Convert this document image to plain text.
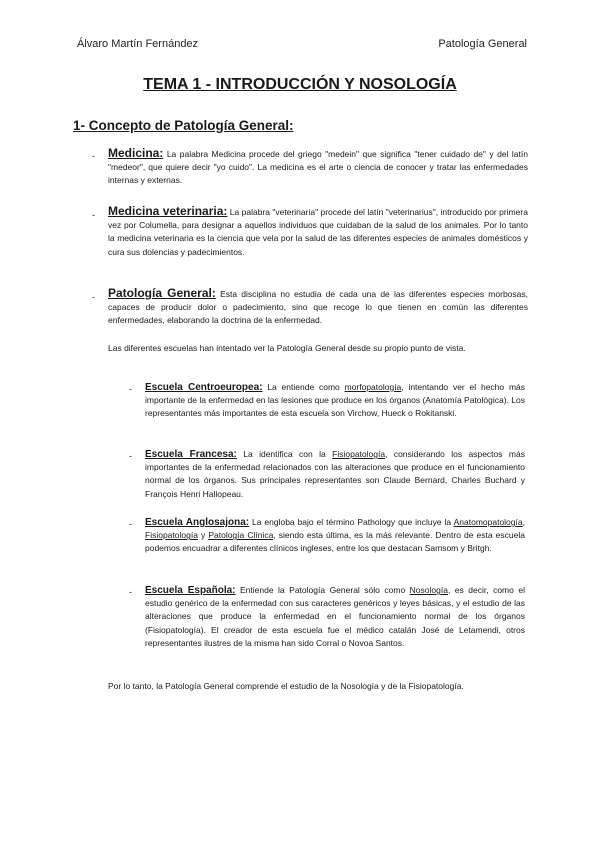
Álvaro Martín Fernández	Patología General
TEMA 1 - INTRODUCCIÓN Y NOSOLOGÍA
1- Concepto de Patología General:
- Medicina: La palabra Medicina procede del griego "medein" que significa "tener cuidado de" y del latín "medeor", que quiere decir "yo cuido". La medicina es el arte o ciencia de conocer y tratar las enfermedades internas y externas.
- Medicina veterinaria: La palabra "veterinaria" procede del latín "veterinarius", introducido por primera vez por Columella, para designar a aquellos individuos que cuidaban de la salud de los animales. Por lo tanto la medicina veterinaria es la ciencia que vela por la salud de las diferentes especies de animales domésticos y cura sus dolencias y padecimientos.
- Patología General: Esta disciplina no estudia de cada una de las diferentes especies morbosas, capaces de producir dolor o padecimiento, sino que recoge lo que tienen en común las diferentes enfermedades, elaborando la doctrina de la enfermedad.
Las diferentes escuelas han intentado ver la Patología General desde su propio punto de vista.
- Escuela Centroeuropea: La entiende como morfopatología, intentando ver el hecho más importante de la enfermedad en las lesiones que produce en los órganos (Anatomía Patológica). Los representantes más importantes de esta escuela son Virchow, Hueck o Rokitanski.
- Escuela Francesa: La identifica con la Fisiopatología, considerando los aspectos más importantes de la enfermedad relacionados con las alteraciones que produce en el funcionamiento normal de los órganos. Sus principales representantes son Claude Bernard, Charles Buchard y François Henri Hallopeau.
- Escuela Anglosajona: La engloba bajo el término Pathology que incluye la Anatomopatología, Fisiopatología y Patología Clínica, siendo esta última, es la más relevante. Dentro de esta escuela podemos encuadrar a diferentes clínicos ingleses, entre los que destacan Samsom y Britgh.
- Escuela Española: Entiende la Patología General sólo como Nosología, es decir, como el estudio genérico de la enfermedad con sus caracteres genéricos y leyes básicas, y el estudio de las alteraciones que produce la enfermedad en el funcionamiento normal de los órganos (Fisiopatología). El creador de esta escuela fue el médico catalán José de Letamendi, otros representantes ilustres de la misma han sido Corral o Novoa Santos.
Por lo tanto, la Patología General comprende el estudio de la Nosología y de la Fisiopatología.
